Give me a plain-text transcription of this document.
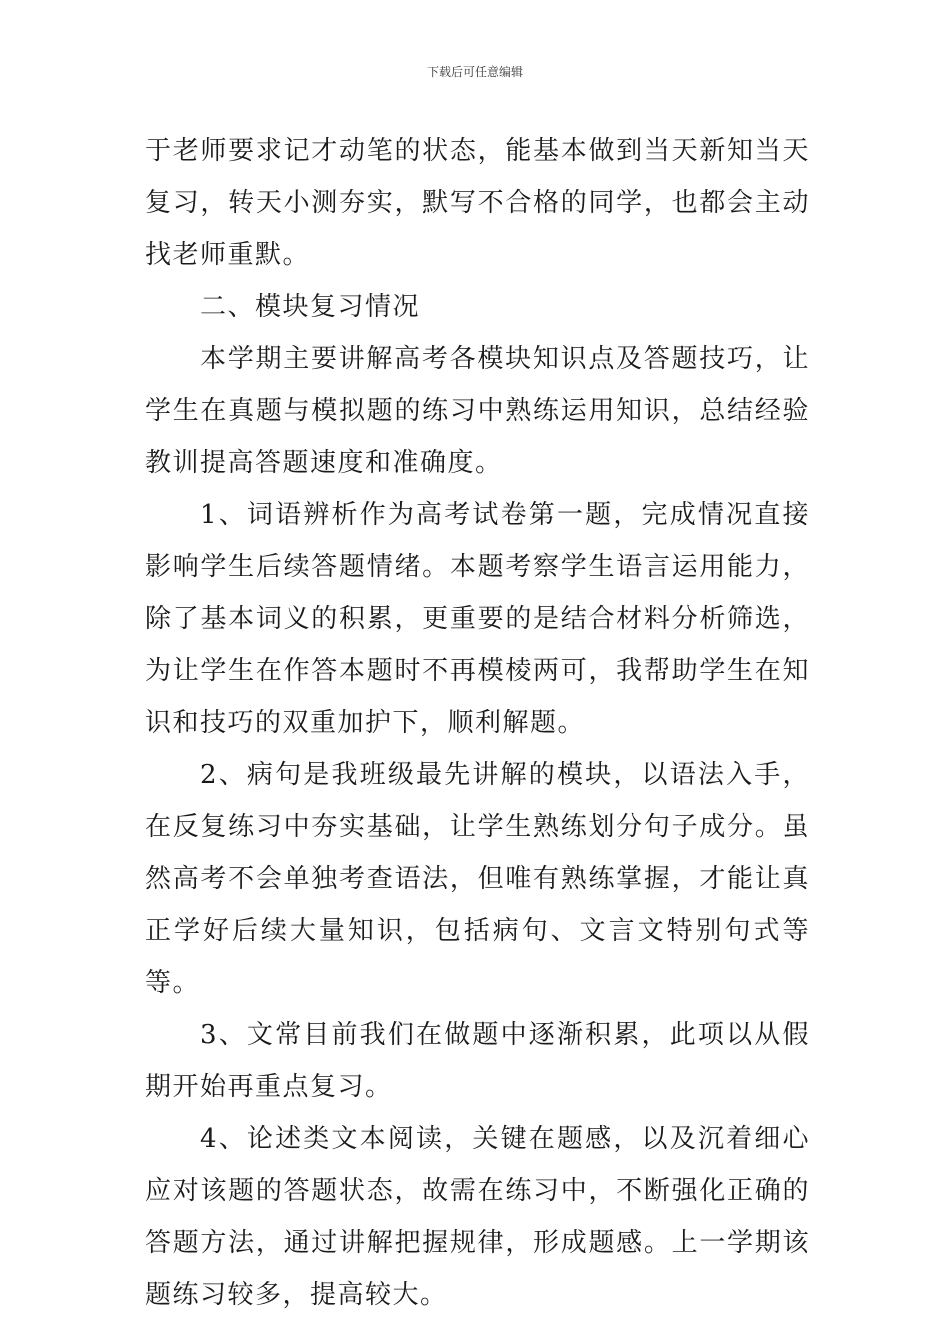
下载后可任意编辑

于老师要求记才动笔的状态，能基本做到当天新知当天复习，转天小测夯实，默写不合格的同学，也都会主动找老师重默。

二、模块复习情况

本学期主要讲解高考各模块知识点及答题技巧，让学生在真题与模拟题的练习中熟练运用知识，总结经验教训提高答题速度和准确度。

1、词语辨析作为高考试卷第一题，完成情况直接影响学生后续答题情绪。本题考察学生语言运用能力，除了基本词义的积累，更重要的是结合材料分析筛选，为让学生在作答本题时不再模棱两可，我帮助学生在知识和技巧的双重加护下，顺利解题。

2、病句是我班级最先讲解的模块，以语法入手，在反复练习中夯实基础，让学生熟练划分句子成分。虽然高考不会单独考查语法，但唯有熟练掌握，才能让真正学好后续大量知识，包括病句、文言文特别句式等等。

3、文常目前我们在做题中逐渐积累，此项以从假期开始再重点复习。

4、论述类文本阅读，关键在题感，以及沉着细心应对该题的答题状态，故需在练习中，不断强化正确的答题方法，通过讲解把握规律，形成题感。上一学期该题练习较多，提高较大。
